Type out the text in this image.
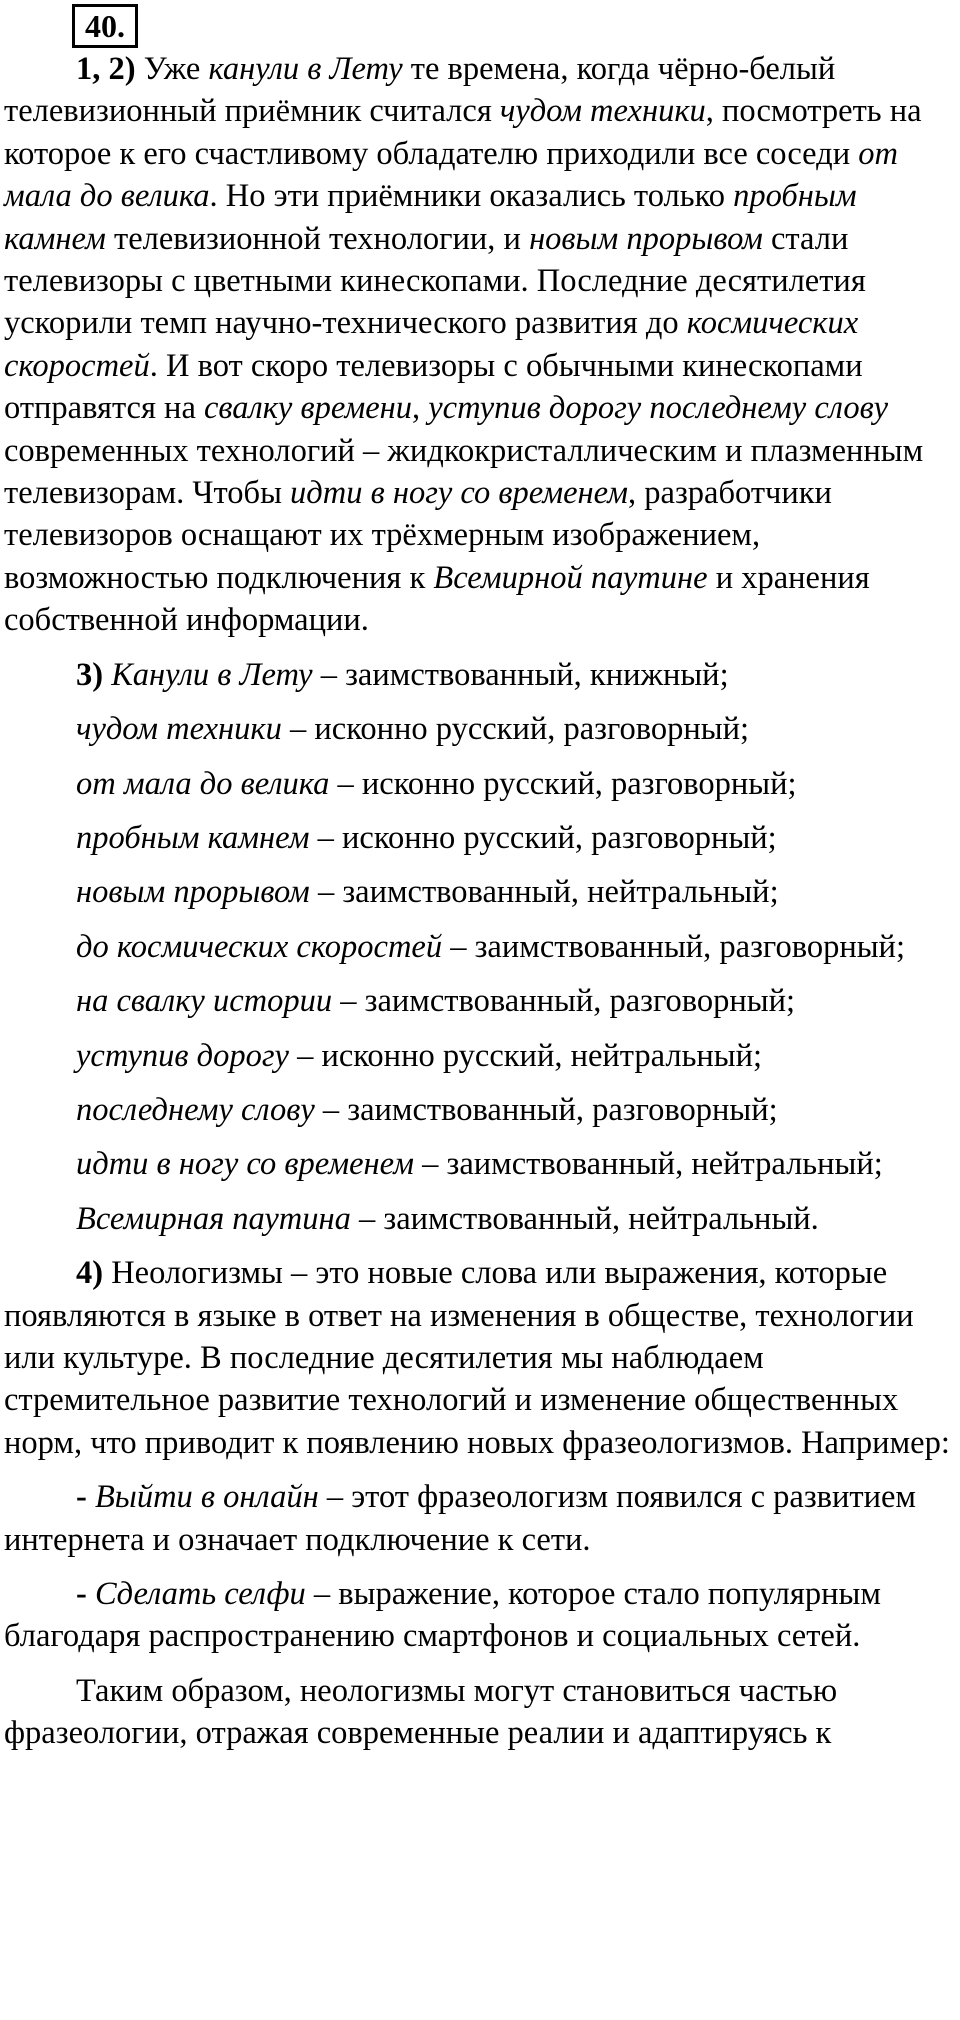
40.

1, 2) Уже канули в Лету те времена, когда чёрно-белый телевизионный приёмник считался чудом техники, посмотреть на которое к его счастливому обладателю приходили все соседи от мала до велика. Но эти приёмники оказались только пробным камнем телевизионной технологии, и новым прорывом стали телевизоры с цветными кинескопами. Последние десятилетия ускорили темп научно-технического развития до космических скоростей. И вот скоро телевизоры с обычными кинескопами отправятся на свалку времени, уступив дорогу последнему слову современных технологий – жидкокристаллическим и плазменным телевизорам. Чтобы идти в ногу со временем, разработчики телевизоров оснащают их трёхмерным изображением, возможностью подключения к Всемирной паутине и хранения собственной информации.

3) Канули в Лету – заимствованный, книжный;

чудом техники – исконно русский, разговорный;

от мала до велика – исконно русский, разговорный;

пробным камнем – исконно русский, разговорный;

новым прорывом – заимствованный, нейтральный;

до космических скоростей – заимствованный, разговорный;

на свалку истории – заимствованный, разговорный;

уступив дорогу – исконно русский, нейтральный;

последнему слову – заимствованный, разговорный;

идти в ногу со временем – заимствованный, нейтральный;

Всемирная паутина – заимствованный, нейтральный.

4) Неологизмы – это новые слова или выражения, которые появляются в языке в ответ на изменения в обществе, технологии или культуре. В последние десятилетия мы наблюдаем стремительное развитие технологий и изменение общественных норм, что приводит к появлению новых фразеологизмов. Например:

- Выйти в онлайн – этот фразеологизм появился с развитием интернета и означает подключение к сети.

- Сделать селфи – выражение, которое стало популярным благодаря распространению смартфонов и социальных сетей.

Таким образом, неологизмы могут становиться частью фразеологии, отражая современные реалии и адаптируясь к
